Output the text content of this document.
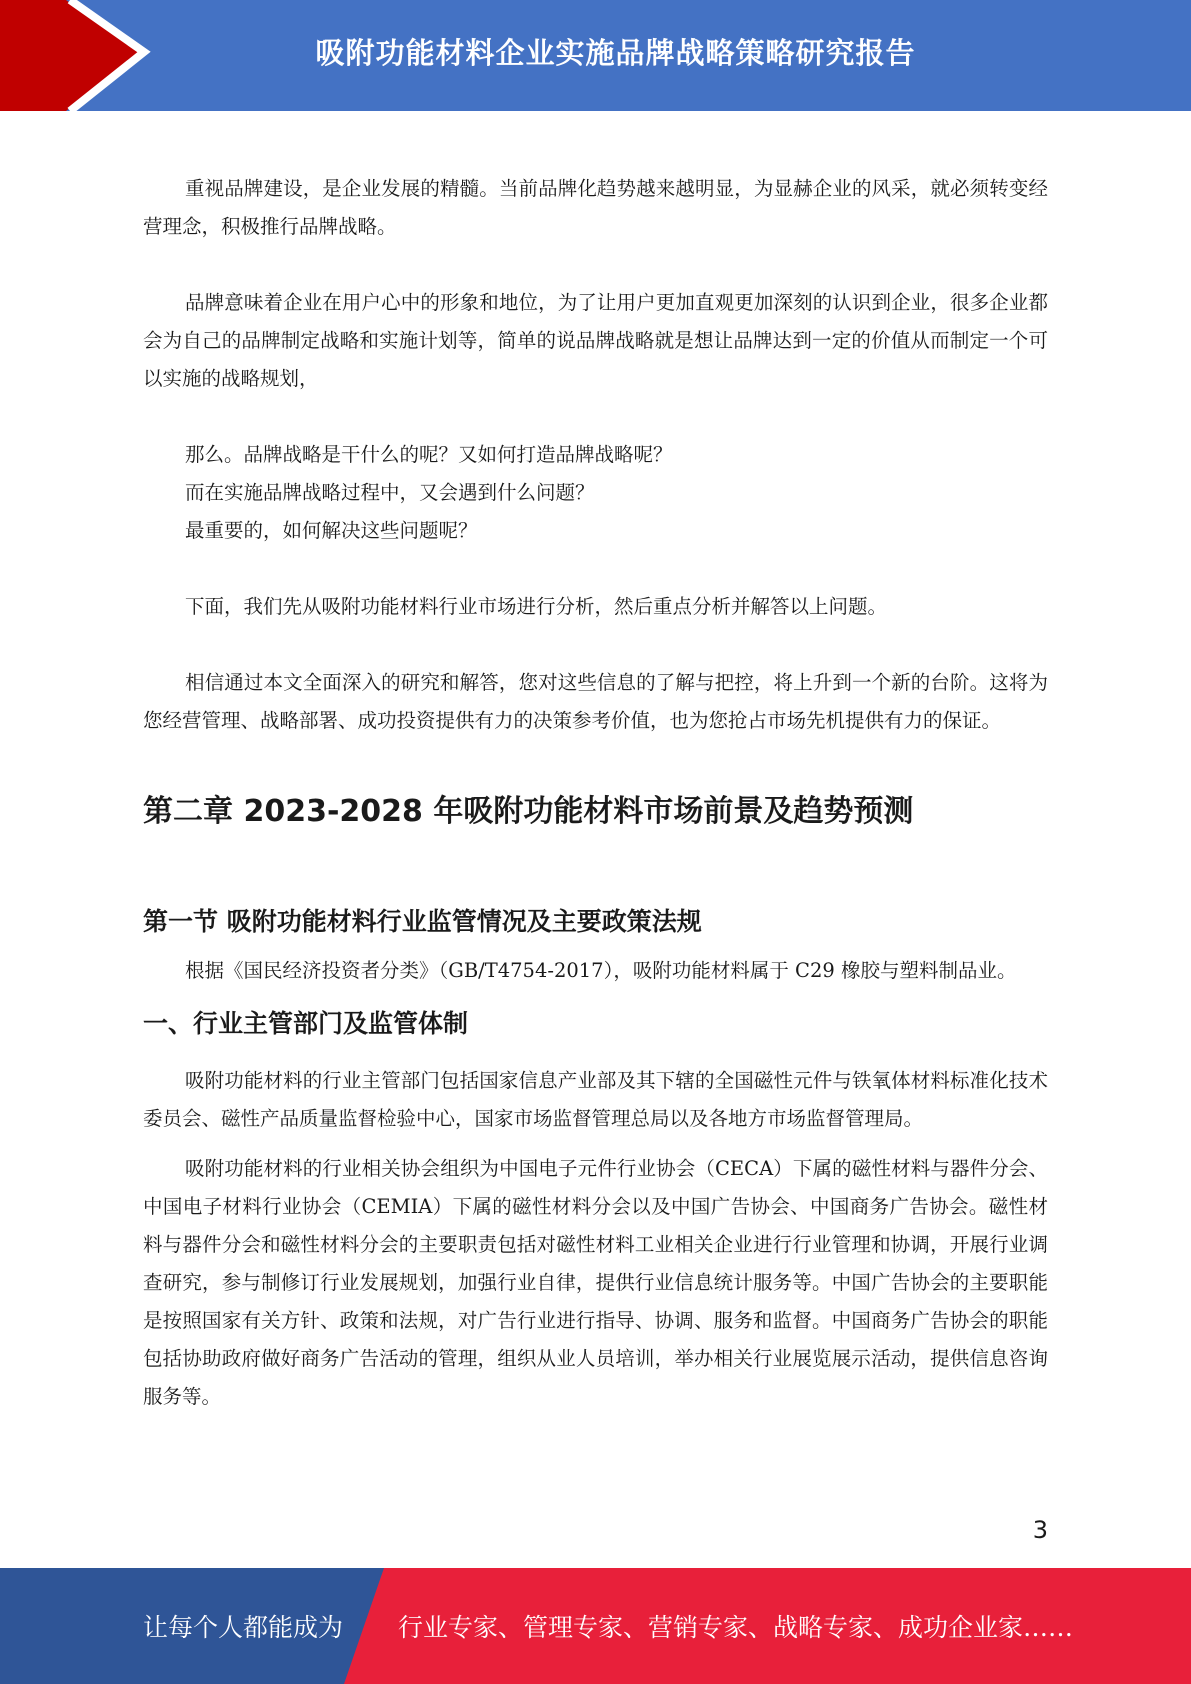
吸附功能材料企业实施品牌战略策略研究报告

重视品牌建设，是企业发展的精髓。当前品牌化趋势越来越明显，为显赫企业的风采，就必须转变经营理念，积极推行品牌战略。

品牌意味着企业在用户心中的形象和地位，为了让用户更加直观更加深刻的认识到企业，很多企业都会为自己的品牌制定战略和实施计划等，简单的说品牌战略就是想让品牌达到一定的价值从而制定一个可以实施的战略规划，

那么。品牌战略是干什么的呢？又如何打造品牌战略呢？

而在实施品牌战略过程中，又会遇到什么问题？

最重要的，如何解决这些问题呢？

下面，我们先从吸附功能材料行业市场进行分析，然后重点分析并解答以上问题。

相信通过本文全面深入的研究和解答，您对这些信息的了解与把控，将上升到一个新的台阶。这将为您经营管理、战略部署、成功投资提供有力的决策参考价值，也为您抢占市场先机提供有力的保证。

第二章 2023-2028 年吸附功能材料市场前景及趋势预测
第一节 吸附功能材料行业监管情况及主要政策法规

根据《国民经济投资者分类》（GB/T4754-2017），吸附功能材料属于 C29 橡胶与塑料制品业。

一、行业主管部门及监管体制

吸附功能材料的行业主管部门包括国家信息产业部及其下辖的全国磁性元件与铁氧体材料标准化技术委员会、磁性产品质量监督检验中心，国家市场监督管理总局以及各地方市场监督管理局。

吸附功能材料的行业相关协会组织为中国电子元件行业协会（CECA）下属的磁性材料与器件分会、中国电子材料行业协会（CEMIA）下属的磁性材料分会以及中国广告协会、中国商务广告协会。磁性材料与器件分会和磁性材料分会的主要职责包括对磁性材料工业相关企业进行行业管理和协调，开展行业调查研究，参与制修订行业发展规划，加强行业自律，提供行业信息统计服务等。中国广告协会的主要职能是按照国家有关方针、政策和法规，对广告行业进行指导、协调、服务和监督。中国商务广告协会的职能包括协助政府做好商务广告活动的管理，组织从业人员培训，举办相关行业展览展示活动，提供信息咨询服务等。

3
让每个人都能成为 行业专家、管理专家、营销专家、战略专家、成功企业家……
